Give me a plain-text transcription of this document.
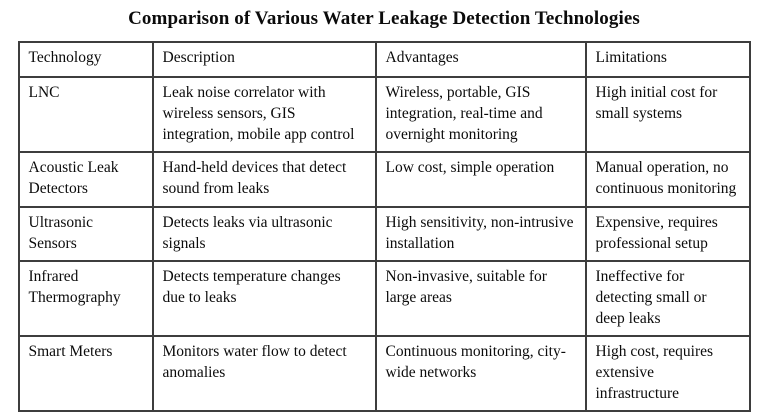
Comparison of Various Water Leakage Detection Technologies
Technology	Description	Advantages	Limitations
LNC	Leak noise correlator with wireless sensors, GIS integration, mobile app control	Wireless, portable, GIS integration, real-time and overnight monitoring	High initial cost for small systems
Acoustic Leak Detectors	Hand-held devices that detect sound from leaks	Low cost, simple operation	Manual operation, no continuous monitoring
Ultrasonic Sensors	Detects leaks via ultrasonic signals	High sensitivity, non-intrusive installation	Expensive, requires professional setup
Infrared Thermography	Detects temperature changes due to leaks	Non-invasive, suitable for large areas	Ineffective for detecting small or deep leaks
Smart Meters	Monitors water flow to detect anomalies	Continuous monitoring, city-wide networks	High cost, requires extensive infrastructure
